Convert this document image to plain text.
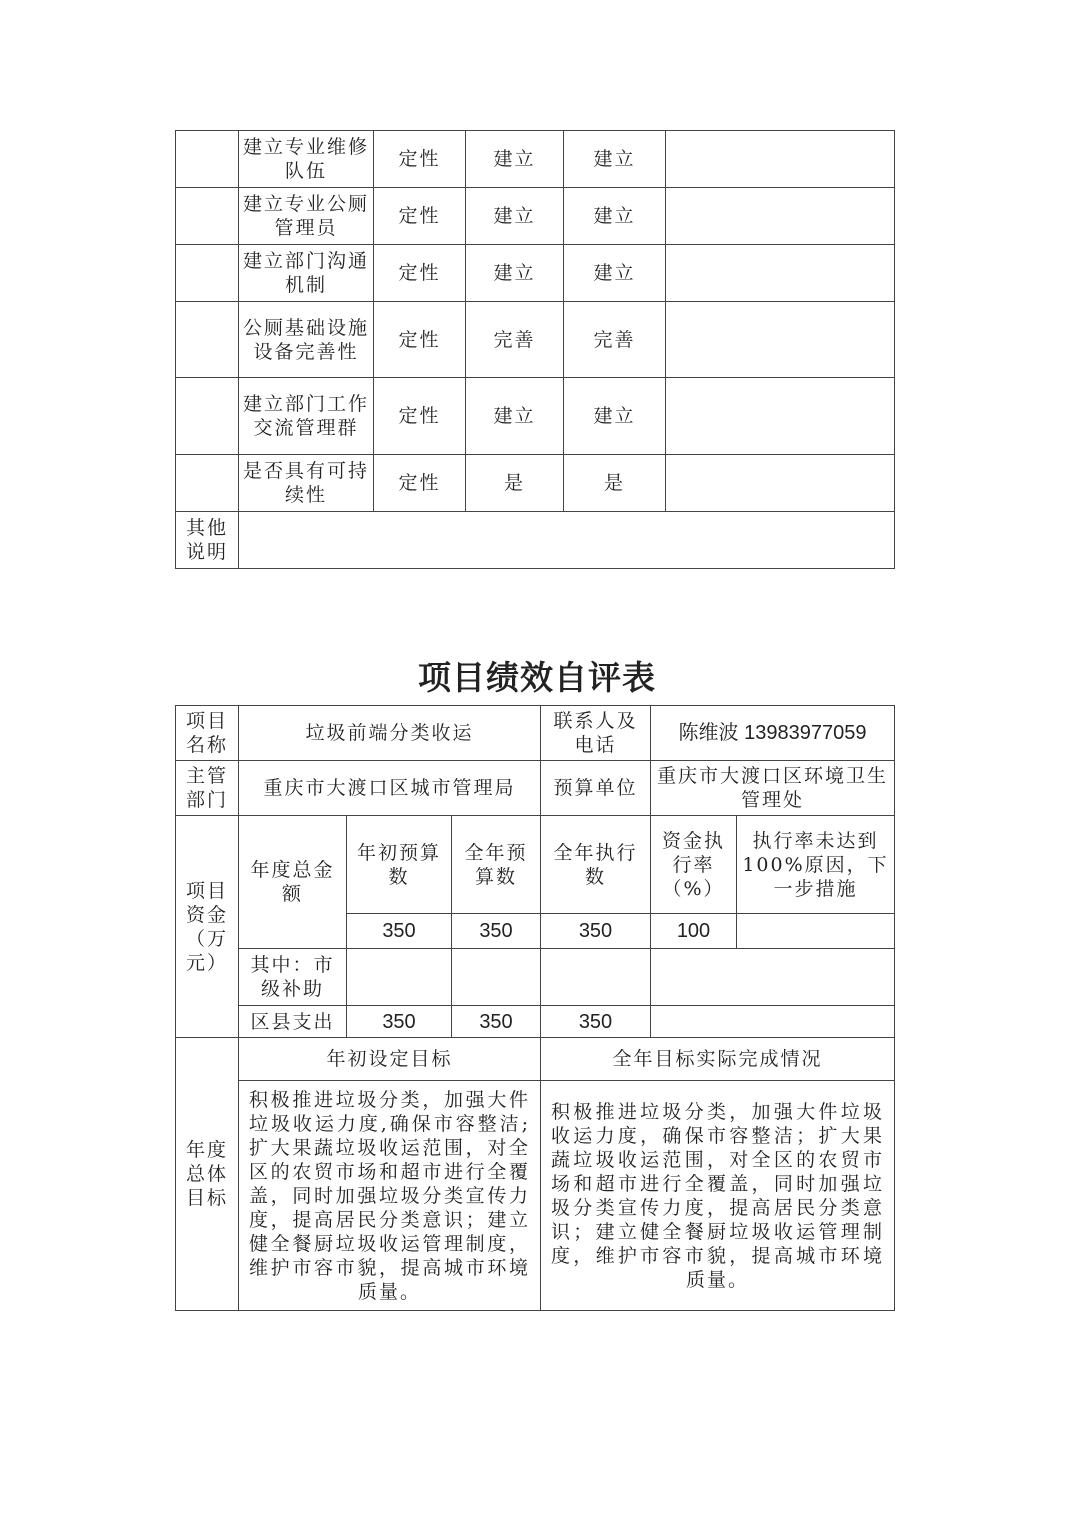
	建立专业维修队伍	定性	建立	建立	
	建立专业公厕管理员	定性	建立	建立	
	建立部门沟通机制	定性	建立	建立	
	公厕基础设施设备完善性	定性	完善	完善	
	建立部门工作交流管理群	定性	建立	建立	
	是否具有可持续性	定性	是	是	
其他说明					
项目绩效自评表
项目名称	垃圾前端分类收运			联系人及电话	陈维波 13983977059	
主管部门	重庆市大渡口区城市管理局			预算单位	重庆市大渡口区环境卫生管理处	
项目资金（万元）	年度总金额	年初预算数	全年预算数	全年执行数	资金执行率（%）	执行率未达到100%原因，下一步措施
		350	350	350	100	
	其中：市级补助					
	区县支出	350	350	350		
年度总体目标	年初设定目标			全年目标实际完成情况		
	积极推进垃圾分类，加强大件垃圾收运力度,确保市容整洁;扩大果蔬垃圾收运范围，对全区的农贸市场和超市进行全覆盖，同时加强垃圾分类宣传力度，提高居民分类意识；建立健全餐厨垃圾收运管理制度，维护市容市貌，提高城市环境质量。			积极推进垃圾分类，加强大件垃圾收运力度，确保市容整洁；扩大果蔬垃圾收运范围，对全区的农贸市场和超市进行全覆盖，同时加强垃圾分类宣传力度，提高居民分类意识；建立健全餐厨垃圾收运管理制度，维护市容市貌，提高城市环境质量。		
